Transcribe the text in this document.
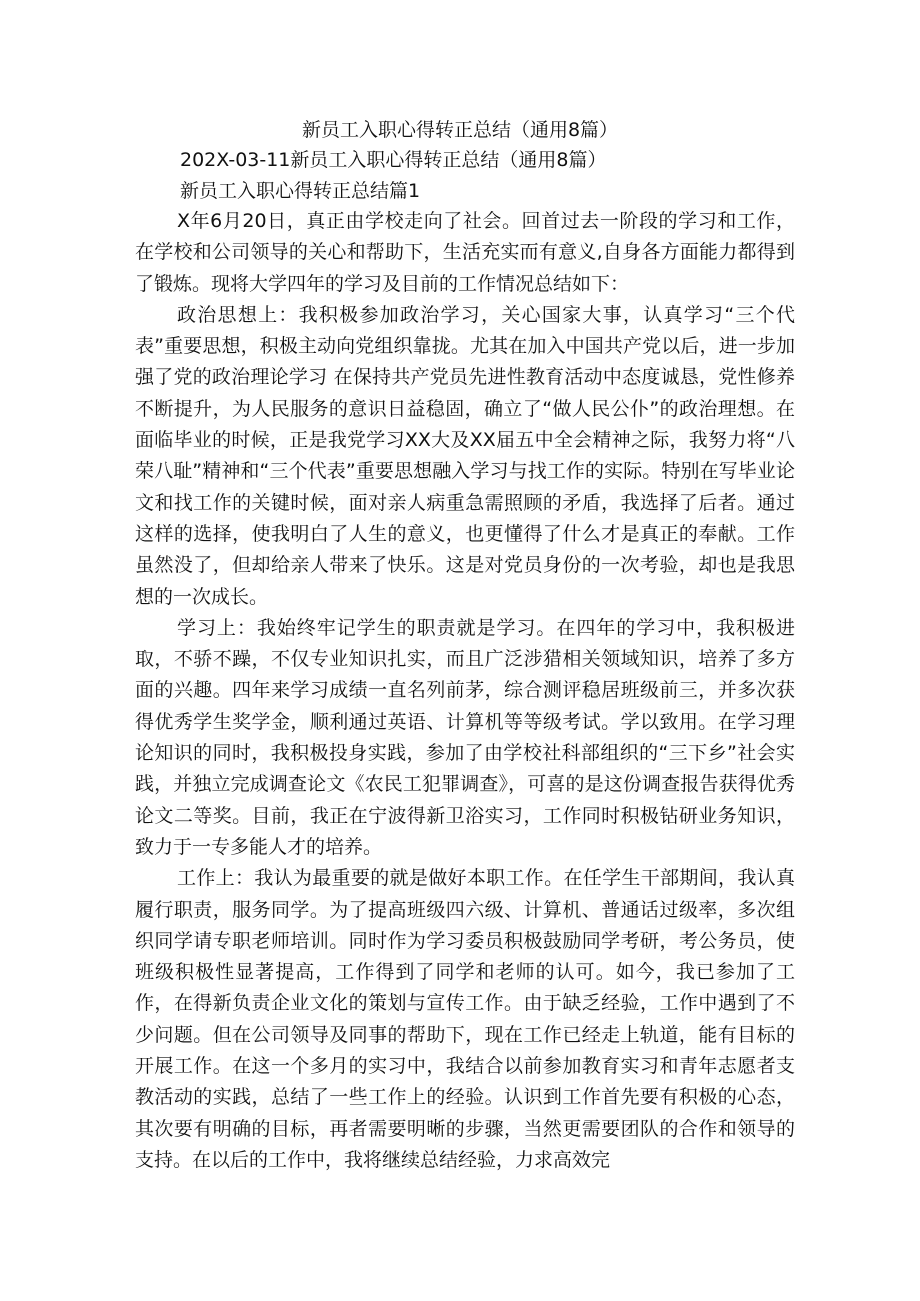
新员工入职心得转正总结（通用8篇）
202X-03-11新员工入职心得转正总结（通用8篇）
新员工入职心得转正总结篇1

X年6月20日，真正由学校走向了社会。回首过去一阶段的学习和工作，在学校和公司领导的关心和帮助下，生活充实而有意义,自身各方面能力都得到了锻炼。现将大学四年的学习及目前的工作情况总结如下：

政治思想上：我积极参加政治学习，关心国家大事，认真学习“三个代表”重要思想，积极主动向党组织靠拢。尤其在加入中国共产党以后，进一步加强了党的政治理论学习 在保持共产党员先进性教育活动中态度诚恳，党性修养不断提升，为人民服务的意识日益稳固，确立了“做人民公仆”的政治理想。在面临毕业的时候，正是我党学习XX大及XX届五中全会精神之际，我努力将“八荣八耻”精神和“三个代表”重要思想融入学习与找工作的实际。特别在写毕业论文和找工作的关键时候，面对亲人病重急需照顾的矛盾，我选择了后者。通过这样的选择，使我明白了人生的意义，也更懂得了什么才是真正的奉献。工作虽然没了，但却给亲人带来了快乐。这是对党员身份的一次考验，却也是我思想的一次成长。

学习上：我始终牢记学生的职责就是学习。在四年的学习中，我积极进取，不骄不躁，不仅专业知识扎实，而且广泛涉猎相关领域知识，培养了多方面的兴趣。四年来学习成绩一直名列前茅，综合测评稳居班级前三，并多次获得优秀学生奖学金，顺利通过英语、计算机等等级考试。学以致用。在学习理论知识的同时，我积极投身实践，参加了由学校社科部组织的“三下乡”社会实践，并独立完成调查论文《农民工犯罪调查》，可喜的是这份调查报告获得优秀论文二等奖。目前，我正在宁波得新卫浴实习，工作同时积极钻研业务知识，致力于一专多能人才的培养。

工作上：我认为最重要的就是做好本职工作。在任学生干部期间，我认真履行职责，服务同学。为了提高班级四六级、计算机、普通话过级率，多次组织同学请专职老师培训。同时作为学习委员积极鼓励同学考研，考公务员，使班级积极性显著提高，工作得到了同学和老师的认可。如今，我已参加了工作，在得新负责企业文化的策划与宣传工作。由于缺乏经验，工作中遇到了不少问题。但在公司领导及同事的帮助下，现在工作已经走上轨道，能有目标的开展工作。在这一个多月的实习中，我结合以前参加教育实习和青年志愿者支教活动的实践，总结了一些工作上的经验。认识到工作首先要有积极的心态，其次要有明确的目标，再者需要明晰的步骤，当然更需要团队的合作和领导的支持。在以后的工作中，我将继续总结经验，力求高效完
